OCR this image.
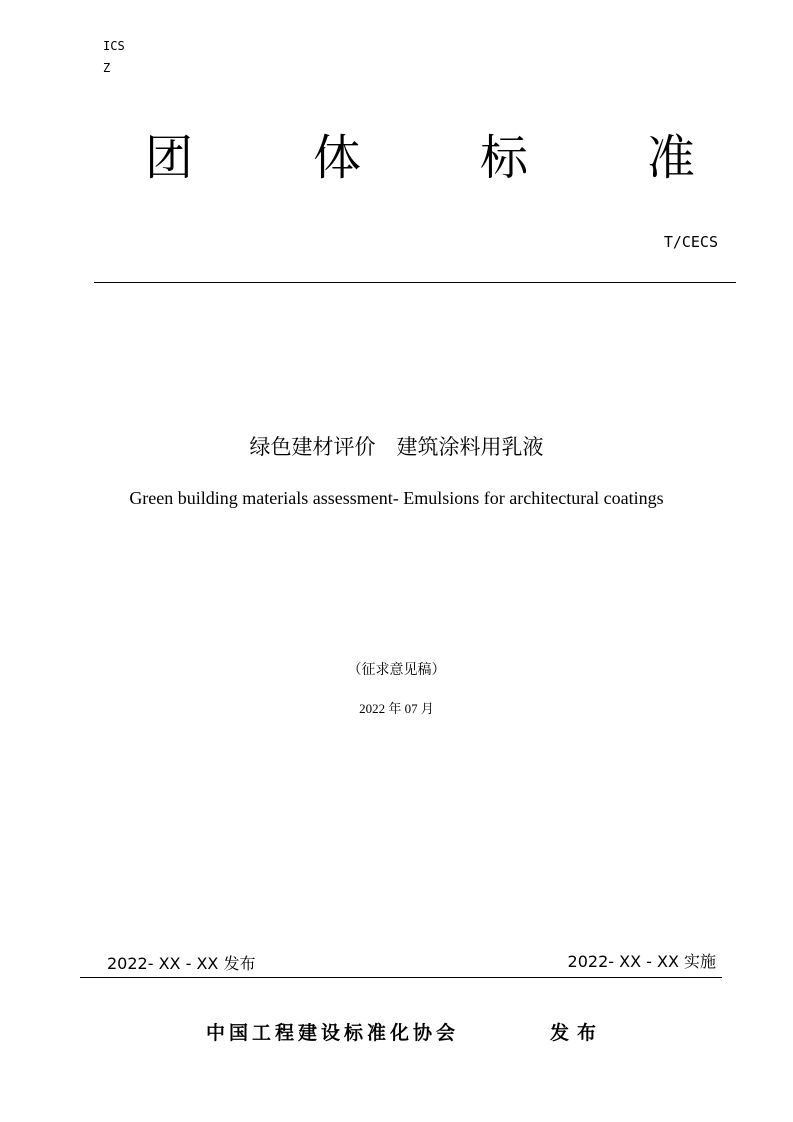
ICS
Z
团 体 标 准
T/CECS
绿色建材评价　建筑涂料用乳液
Green building materials assessment- Emulsions for architectural coatings
（征求意见稿）
2022 年 07 月
2022- XX - XX 发布	2022- XX - XX 实施
中国工程建设标准化协会	发布
